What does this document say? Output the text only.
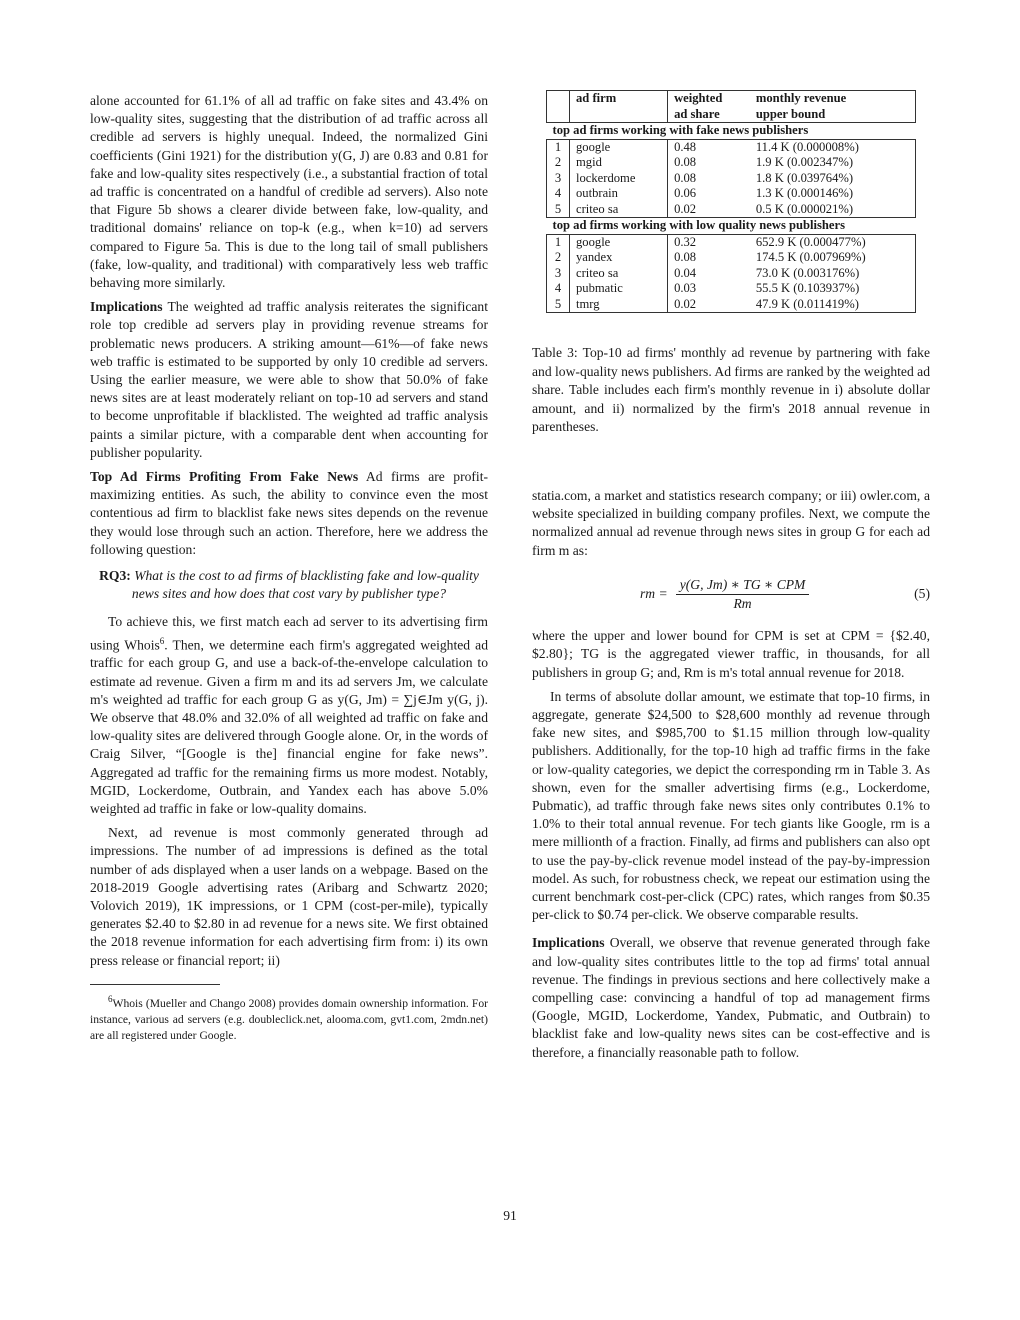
alone accounted for 61.1% of all ad traffic on fake sites and 43.4% on low-quality sites, suggesting that the distribution of ad traffic across all credible ad servers is highly unequal. Indeed, the normalized Gini coefficients (Gini 1921) for the distribution y(G, J) are 0.83 and 0.81 for fake and low-quality sites respectively (i.e., a substantial fraction of total ad traffic is concentrated on a handful of credible ad servers). Also note that Figure 5b shows a clearer divide between fake, low-quality, and traditional domains' reliance on top-k (e.g., when k=10) ad servers compared to Figure 5a. This is due to the long tail of small publishers (fake, low-quality, and traditional) with comparatively less web traffic behaving more similarly.

Implications The weighted ad traffic analysis reiterates the significant role top credible ad servers play in providing revenue streams for problematic news producers. A striking amount—61%—of fake news web traffic is estimated to be supported by only 10 credible ad servers. Using the earlier measure, we were able to show that 50.0% of fake news sites are at least moderately reliant on top-10 ad servers and stand to become unprofitable if blacklisted. The weighted ad traffic analysis paints a similar picture, with a comparable dent when accounting for publisher popularity.

Top Ad Firms Profiting From Fake News Ad firms are profit-maximizing entities. As such, the ability to convince even the most contentious ad firm to blacklist fake news sites depends on the revenue they would lose through such an action. Therefore, here we address the following question:

RQ3: What is the cost to ad firms of blacklisting fake and low-quality news sites and how does that cost vary by publisher type?

To achieve this, we first match each ad server to its advertising firm using Whois$^6$. Then, we determine each firm's aggregated weighted ad traffic for each group G, and use a back-of-the-envelope calculation to estimate ad revenue. Given a firm m and its ad servers Jm, we calculate m's weighted ad traffic for each group G as y(G, Jm) = ∑j∈Jm y(G, j). We observe that 48.0% and 32.0% of all weighted ad traffic on fake and low-quality sites are delivered through Google alone. Or, in the words of Craig Silver, “[Google is the] financial engine for fake news”. Aggregated ad traffic for the remaining firms us more modest. Notably, MGID, Lockerdome, Outbrain, and Yandex each has above 5.0% weighted ad traffic in fake or low-quality domains.

Next, ad revenue is most commonly generated through ad impressions. The number of ad impressions is defined as the total number of ads displayed when a user lands on a webpage. Based on the 2018-2019 Google advertising rates (Aribarg and Schwartz 2020; Volovich 2019), 1K impressions, or 1 CPM (cost-per-mile), typically generates $2.40 to $2.80 in ad revenue for a news site. We first obtained the 2018 revenue information for each advertising firm from: i) its own press release or financial report; ii)

$^6$Whois (Mueller and Chango 2008) provides domain ownership information. For instance, various ad servers (e.g. doubleclick.net, alooma.com, gvt1.com, 2mdn.net) are all registered under Google.
	ad firm	weighted	monthly revenue
		ad share	upper bound
top ad firms working with fake news publishers			
1	google	0.48	11.4 K (0.000008%)
2	mgid	0.08	1.9 K (0.002347%)
3	lockerdome	0.08	1.8 K (0.039764%)
4	outbrain	0.06	1.3 K (0.000146%)
5	criteo sa	0.02	0.5 K (0.000021%)
top ad firms working with low quality news publishers			
1	google	0.32	652.9 K (0.000477%)
2	yandex	0.08	174.5 K (0.007969%)
3	criteo sa	0.04	73.0 K (0.003176%)
4	pubmatic	0.03	55.5 K (0.103937%)
5	tmrg	0.02	47.9 K (0.011419%)
Table 3: Top-10 ad firms' monthly ad revenue by partnering with fake and low-quality news publishers. Ad firms are ranked by the weighted ad share. Table includes each firm's monthly revenue in i) absolute dollar amount, and ii) normalized by the firm's 2018 annual revenue in parentheses.

statia.com, a market and statistics research company; or iii) owler.com, a website specialized in building company profiles. Next, we compute the normalized annual ad revenue through news sites in group G for each ad firm m as:

rm = $\frac{\text{y(G, Jm) ∗ TG ∗ CPM}}{Rm}$	(5)

where the upper and lower bound for CPM is set at CPM = {$2.40, $2.80}; TG is the aggregated viewer traffic, in thousands, for all publishers in group G; and, Rm is m's total annual revenue for 2018.

In terms of absolute dollar amount, we estimate that top-10 firms, in aggregate, generate $24,500 to $28,600 monthly ad revenue through fake new sites, and $985,700 to $1.15 million through low-quality publishers. Additionally, for the top-10 high ad traffic firms in the fake or low-quality categories, we depict the corresponding rm in Table 3. As shown, even for the smaller advertising firms (e.g., Lockerdome, Pubmatic), ad traffic through fake news sites only contributes 0.1% to 1.0% to their total annual revenue. For tech giants like Google, rm is a mere millionth of a fraction. Finally, ad firms and publishers can also opt to use the pay-by-click revenue model instead of the pay-by-impression model. As such, for robustness check, we repeat our estimation using the current benchmark cost-per-click (CPC) rates, which ranges from $0.35 per-click to $0.74 per-click. We observe comparable results.

Implications Overall, we observe that revenue generated through fake and low-quality sites contributes little to the top ad firms' total annual revenue. The findings in previous sections and here collectively make a compelling case: convincing a handful of top ad management firms (Google, MGID, Lockerdome, Yandex, Pubmatic, and Outbrain) to blacklist fake and low-quality news sites can be cost-effective and is therefore, a financially reasonable path to follow.

91
